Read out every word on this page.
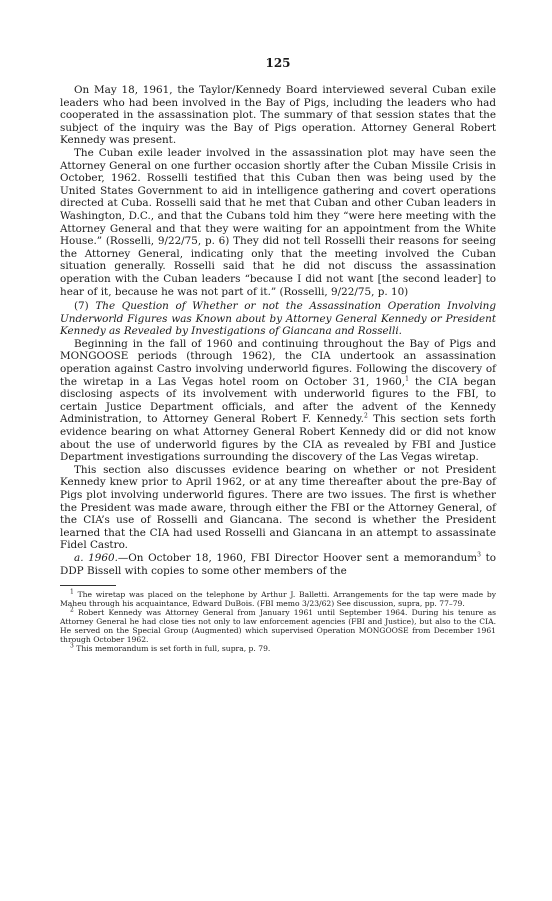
125

On May 18, 1961, the Taylor/Kennedy Board interviewed several Cuban exile leaders who had been involved in the Bay of Pigs, including the leaders who had cooperated in the assassination plot. The summary of that session states that the subject of the inquiry was the Bay of Pigs operation. Attorney General Robert Kennedy was present.

The Cuban exile leader involved in the assassination plot may have seen the Attorney General on one further occasion shortly after the Cuban Missile Crisis in October, 1962. Rosselli testified that this Cuban then was being used by the United States Government to aid in intelligence gathering and covert operations directed at Cuba. Rosselli said that he met that Cuban and other Cuban leaders in Washington, D.C., and that the Cubans told him they “were here meeting with the Attorney General and that they were waiting for an appointment from the White House.” (Rosselli, 9/22/75, p. 6) They did not tell Rosselli their reasons for seeing the Attorney General, indicating only that the meeting involved the Cuban situation generally. Rosselli said that he did not discuss the assassination operation with the Cuban leaders “because I did not want [the second leader] to hear of it, because he was not part of it.” (Rosselli, 9/22/75, p. 10)

(7) The Question of Whether or not the Assassination Operation Involving Underworld Figures was Known about by Attorney General Kennedy or President Kennedy as Revealed by Investigations of Giancana and Rosselli.

Beginning in the fall of 1960 and continuing throughout the Bay of Pigs and MONGOOSE periods (through 1962), the CIA undertook an assassination operation against Castro involving underworld figures. Following the discovery of the wiretap in a Las Vegas hotel room on October 31, 1960,$^1$ the CIA began disclosing aspects of its involvement with underworld figures to the FBI, to certain Justice Department officials, and after the advent of the Kennedy Administration, to Attorney General Robert F. Kennedy.$^2$ This section sets forth evidence bearing on what Attorney General Robert Kennedy did or did not know about the use of underworld figures by the CIA as revealed by FBI and Justice Department investigations surrounding the discovery of the Las Vegas wiretap.

This section also discusses evidence bearing on whether or not President Kennedy knew prior to April 1962, or at any time thereafter about the pre-Bay of Pigs plot involving underworld figures. There are two issues. The first is whether the President was made aware, through either the FBI or the Attorney General, of the CIA’s use of Rosselli and Giancana. The second is whether the President learned that the CIA had used Rosselli and Giancana in an attempt to assassinate Fidel Castro.

a. 1960.—On October 18, 1960, FBI Director Hoover sent a memorandum$^3$ to DDP Bissell with copies to some other members of the

$^1$ The wiretap was placed on the telephone by Arthur J. Balletti. Arrangements for the tap were made by Maheu through his acquaintance, Edward DuBois. (FBI memo 3/23/62) See discussion, supra, pp. 77–79.

$^2$ Robert Kennedy was Attorney General from January 1961 until September 1964. During his tenure as Attorney General he had close ties not only to law enforcement agencies (FBI and Justice), but also to the CIA. He served on the Special Group (Augmented) which supervised Operation MONGOOSE from December 1961 through October 1962.

$^3$ This memorandum is set forth in full, supra, p. 79.
